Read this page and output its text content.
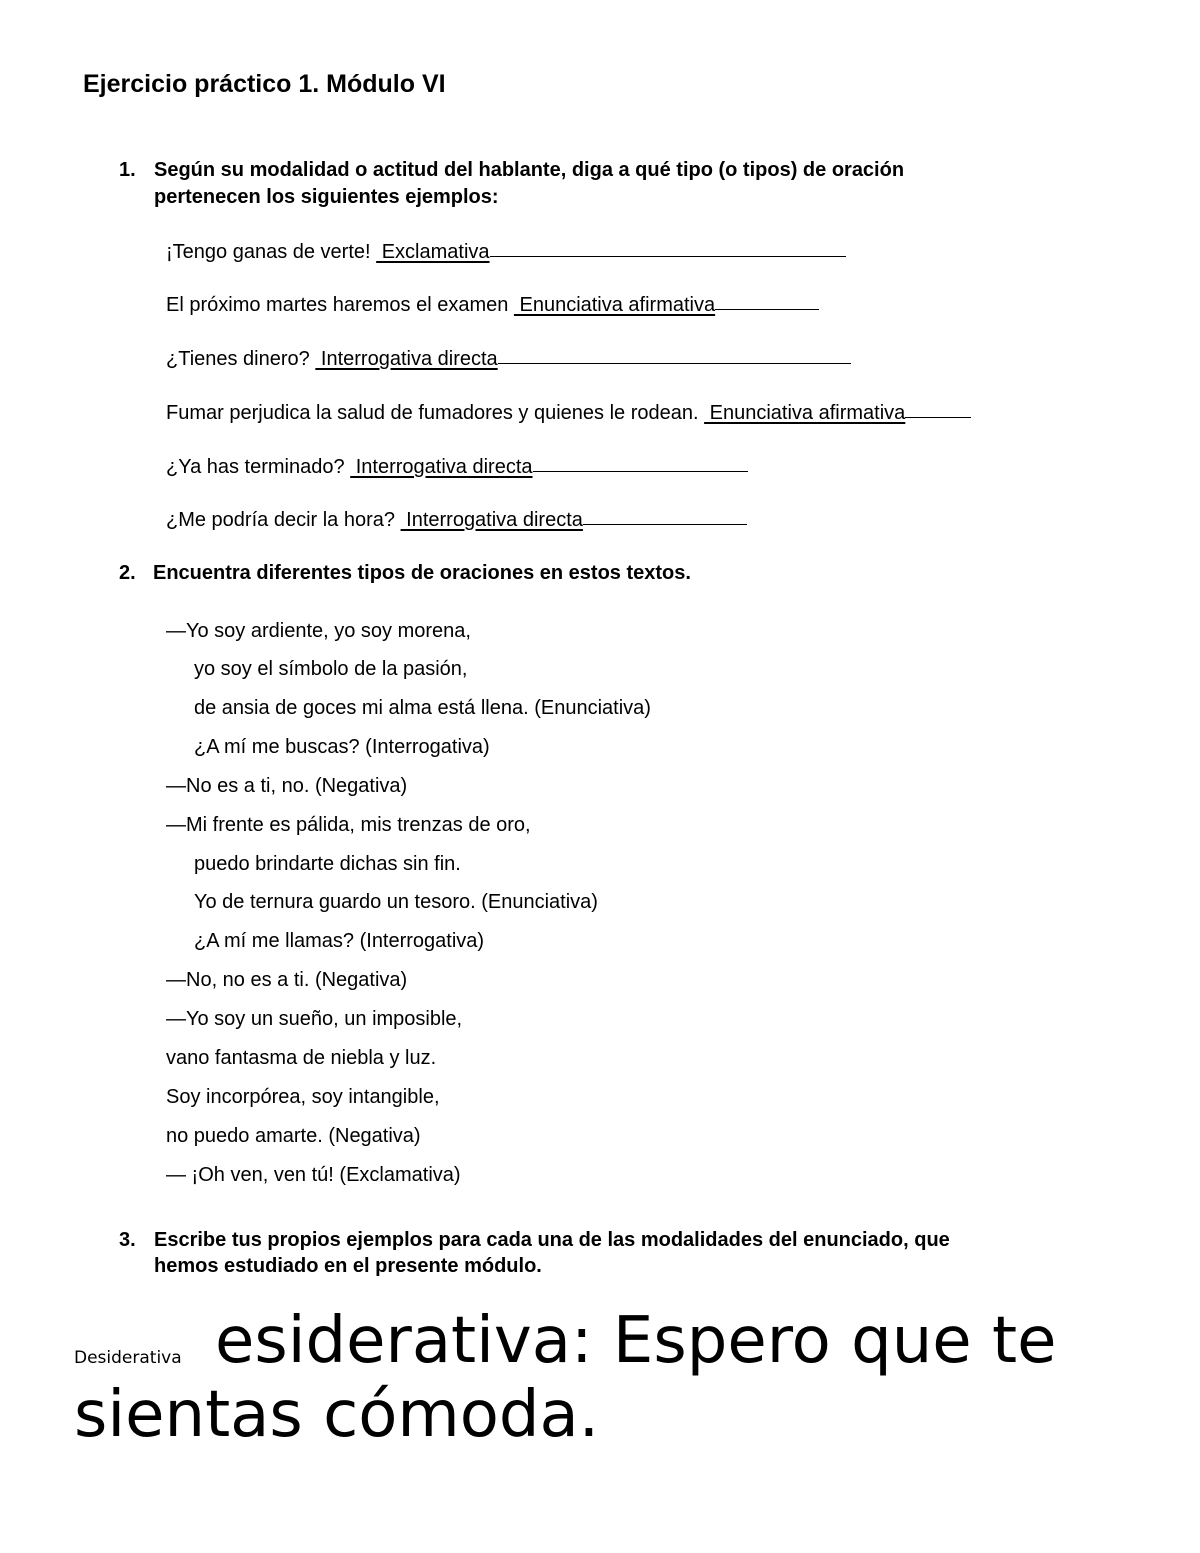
Ejercicio práctico 1. Módulo VI
1. Según su modalidad o actitud del hablante, diga a qué tipo (o tipos) de oración
pertenecen los siguientes ejemplos:
¡Tengo ganas de verte!  Exclamativa
El próximo martes haremos el examen  Enunciativa afirmativa
¿Tienes dinero?  Interrogativa directa
Fumar perjudica la salud de fumadores y quienes le rodean.  Enunciativa afirmativa
¿Ya has terminado?  Interrogativa directa
¿Me podría decir la hora?  Interrogativa directa
2. Encuentra diferentes tipos de oraciones en estos textos.
—Yo soy ardiente, yo soy morena,
yo soy el símbolo de la pasión,
de ansia de goces mi alma está llena. (Enunciativa)
¿A mí me buscas? (Interrogativa)
—No es a ti, no. (Negativa)
—Mi frente es pálida, mis trenzas de oro,
puedo brindarte dichas sin fin.
Yo de ternura guardo un tesoro. (Enunciativa)
¿A mí me llamas? (Interrogativa)
—No, no es a ti. (Negativa)
—Yo soy un sueño, un imposible,
vano fantasma de niebla y luz.
Soy incorpórea, soy intangible,
no puedo amarte. (Negativa)
— ¡Oh ven, ven tú! (Exclamativa)
3. Escribe tus propios ejemplos para cada una de las modalidades del enunciado, que
hemos estudiado en el presente módulo.
Desiderativa esiderativa: Espero que te
sientas cómoda.
